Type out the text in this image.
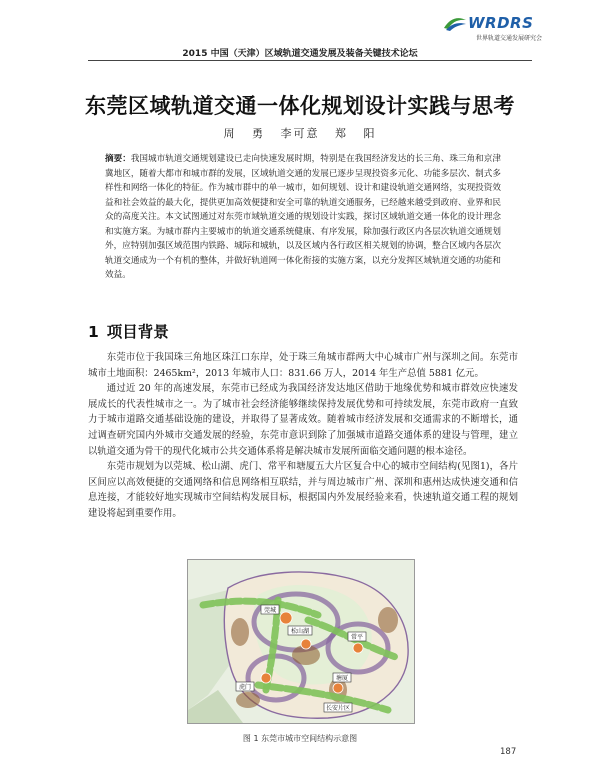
WRDRS
世界轨道交通发展研究会
2015 中国（天津）区域轨道交通发展及装备关键技术论坛
东莞区域轨道交通一体化规划设计实践与思考
周 勇 李可意 郑 阳
摘要：我国城市轨道交通规划建设已走向快速发展时期，特别是在我国经济发达的长三角、珠三角和京津冀地区，随着大都市和城市群的发展，区域轨道交通的发展已逐步呈现投资多元化、功能多层次、制式多样性和网络一体化的特征。作为城市群中的单一城市，如何规划、设计和建设轨道交通网络，实现投资效益和社会效益的最大化，提供更加高效便捷和安全可靠的轨道交通服务，已经越来越受到政府、业界和民众的高度关注。本文试图通过对东莞市域轨道交通的规划设计实践，探讨区域轨道交通一体化的设计理念和实施方案。为城市群内主要城市的轨道交通系统健康、有序发展，除加强行政区内各层次轨道交通规划外，应特别加强区域范围内铁路、城际和城轨，以及区域内各行政区相关规划的协调，整合区域内各层次轨道交通成为一个有机的整体，并做好轨道网一体化衔接的实施方案，以充分发挥区域轨道交通的功能和效益。
1 项目背景

东莞市位于我国珠三角地区珠江口东岸，处于珠三角城市群两大中心城市广州与深圳之间。东莞市城市土地面积：2465km²，2013 年城市人口：831.66 万人，2014 年生产总值 5881 亿元。

通过近 20 年的高速发展，东莞市已经成为我国经济发达地区借助于地缘优势和城市群效应快速发展成长的代表性城市之一。为了城市社会经济能够继续保持发展优势和可持续发展，东莞市政府一直致力于城市道路交通基础设施的建设，并取得了显著成效。随着城市经济发展和交通需求的不断增长，通过调查研究国内外城市交通发展的经验，东莞市意识到除了加强城市道路交通体系的建设与管理，建立以轨道交通为骨干的现代化城市公共交通体系将是解决城市发展所面临交通问题的根本途径。

东莞市规划为以莞城、松山湖、虎门、常平和塘厦五大片区复合中心的城市空间结构(见图1)，各片区间应以高效便捷的交通网络和信息网络相互联结，并与周边城市广州、深圳和惠州达成快速交通和信息连接，才能较好地实现城市空间结构发展目标，根据国内外发展经验来看，快速轨道交通工程的规划建设将起到重要作用。

松山湖
莞城
虎门
常平
塘厦
长安片区
图 1 东莞市城市空间结构示意图
187
